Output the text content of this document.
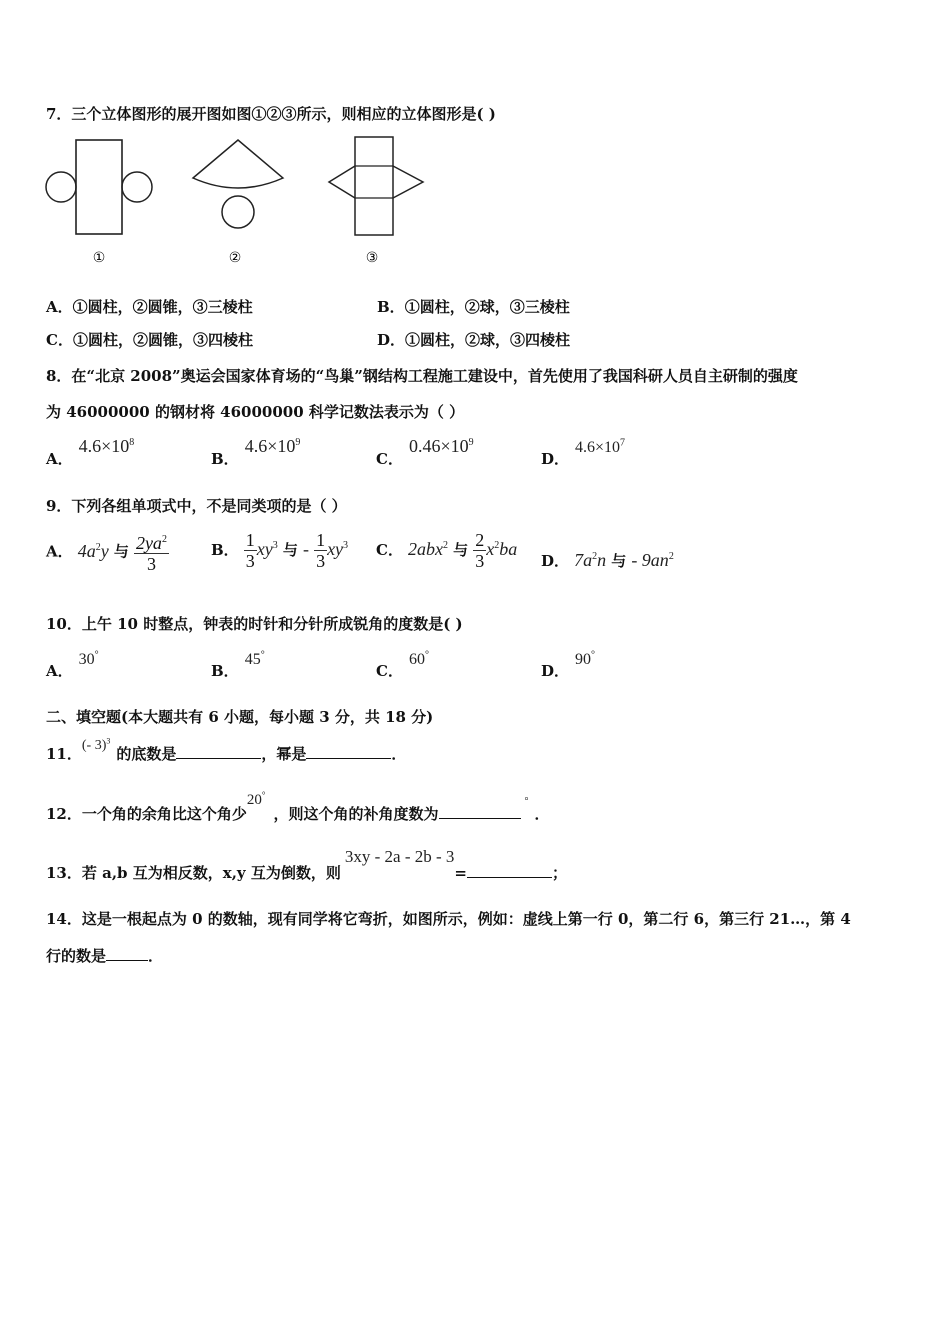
7．三个立体图形的展开图如图①②③所示，则相应的立体图形是( )
①	②	③
A．①圆柱，②圆锥，③三棱柱	B．①圆柱，②球，③三棱柱
C．①圆柱，②圆锥，③四棱柱	D．①圆柱，②球，③四棱柱
8．在“北京 2008”奥运会国家体育场的“鸟巢”钢结构工程施工建设中，首先使用了我国科研人员自主研制的强度
为 46000000 的钢材将 46000000 科学记数法表示为（ ）
A．$4.6\times 10^8$
B．$4.6\times 10^9$
C．$0.46\times 10^9$
D．$4.6\times 10^7$
9．下列各组单项式中，不是同类项的是（ ）
A． $4a^2y$ 与 $\frac{2ya^2}{3}$	B． $\frac{1}{3} xy^3$ 与 - $\frac{1}{3} xy^3$ C． 2abx$^2$ 与 $\frac{2}{3} x^2ba$
D． $7a^2n$ 与 - $9an^2$
10．上午 10 时整点，钟表的时针和分针所成锐角的度数是( )
A．30°
B．45°
C．60°
D．90°
二、填空题(本大题共有 6 小题，每小题 3 分，共 18 分)
11．(- 3)$^3$的底数是	，幂是	．
12．一个角的余角比这个角少20°，则这个角的补角度数为°．
13．若 a,b 互为相反数，x,y 互为倒数，则3xy - 2a - 2b - 3=	；
14．这是一根起点为 0 的数轴，现有同学将它弯折，如图所示，例如：虚线上第一行 0，第二行 6，第三行 21…，第 4
行的数是	．
